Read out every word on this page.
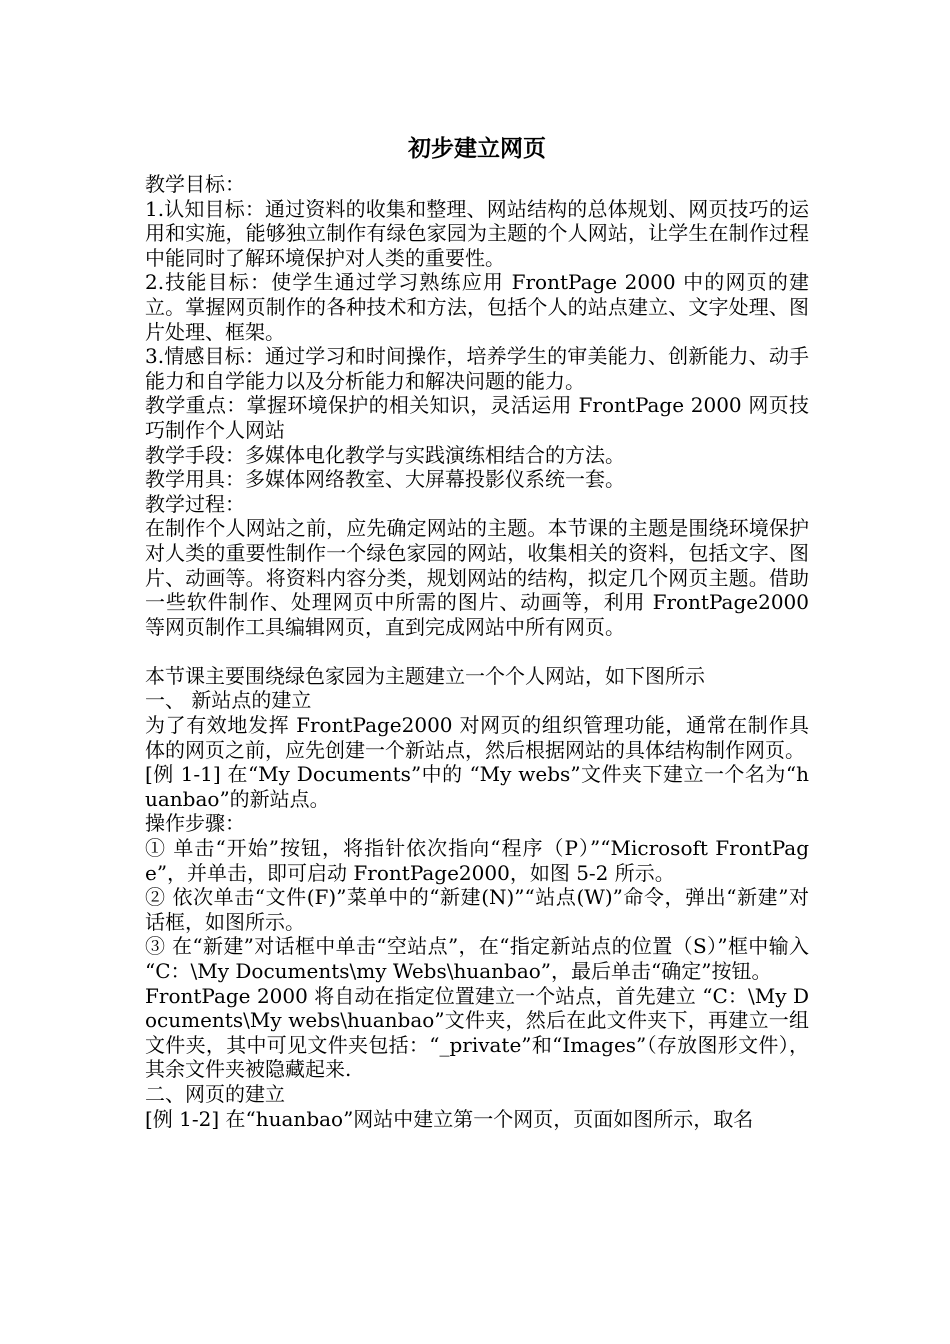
初步建立网页

教学目标：

1.认知目标：通过资料的收集和整理、网站结构的总体规划、网页技巧的运用和实施，能够独立制作有绿色家园为主题的个人网站，让学生在制作过程中能同时了解环境保护对人类的重要性。

2.技能目标：使学生通过学习熟练应用 FrontPage 2000 中的网页的建立。掌握网页制作的各种技术和方法，包括个人的站点建立、文字处理、图片处理、框架。

3.情感目标：通过学习和时间操作，培养学生的审美能力、创新能力、动手能力和自学能力以及分析能力和解决问题的能力。

教学重点：掌握环境保护的相关知识，灵活运用 FrontPage 2000 网页技巧制作个人网站

教学手段：多媒体电化教学与实践演练相结合的方法。

教学用具：多媒体网络教室、大屏幕投影仪系统一套。

教学过程：

在制作个人网站之前，应先确定网站的主题。本节课的主题是围绕环境保护对人类的重要性制作一个绿色家园的网站，收集相关的资料，包括文字、图片、动画等。将资料内容分类，规划网站的结构，拟定几个网页主题。借助一些软件制作、处理网页中所需的图片、动画等，利用 FrontPage2000 等网页制作工具编辑网页，直到完成网站中所有网页。

本节课主要围绕绿色家园为主题建立一个个人网站，如下图所示

一、 新站点的建立

为了有效地发挥 FrontPage2000 对网页的组织管理功能，通常在制作具体的网页之前，应先创建一个新站点，然后根据网站的具体结构制作网页。

[例 1-1] 在“My Documents”中的 “My webs”文件夹下建立一个名为“huanbao”的新站点。

操作步骤：

① 单击“开始”按钮，将指针依次指向“程序（P）”“Microsoft FrontPage”，并单击，即可启动 FrontPage2000，如图 5-2 所示。

② 依次单击“文件(F)”菜单中的“新建(N)”“站点(W)”命令，弹出“新建”对话框，如图所示。

③ 在“新建”对话框中单击“空站点”，在“指定新站点的位置（S）”框中输入 “C：\My Documents\my Webs\huanbao”，最后单击“确定”按钮。

FrontPage 2000 将自动在指定位置建立一个站点，首先建立 “C：\My Documents\My webs\huanbao”文件夹，然后在此文件夹下，再建立一组文件夹，其中可见文件夹包括：“_private”和“Images”（存放图形文件），其余文件夹被隐藏起来.

二、网页的建立

[例 1-2] 在“huanbao”网站中建立第一个网页，页面如图所示，取名
